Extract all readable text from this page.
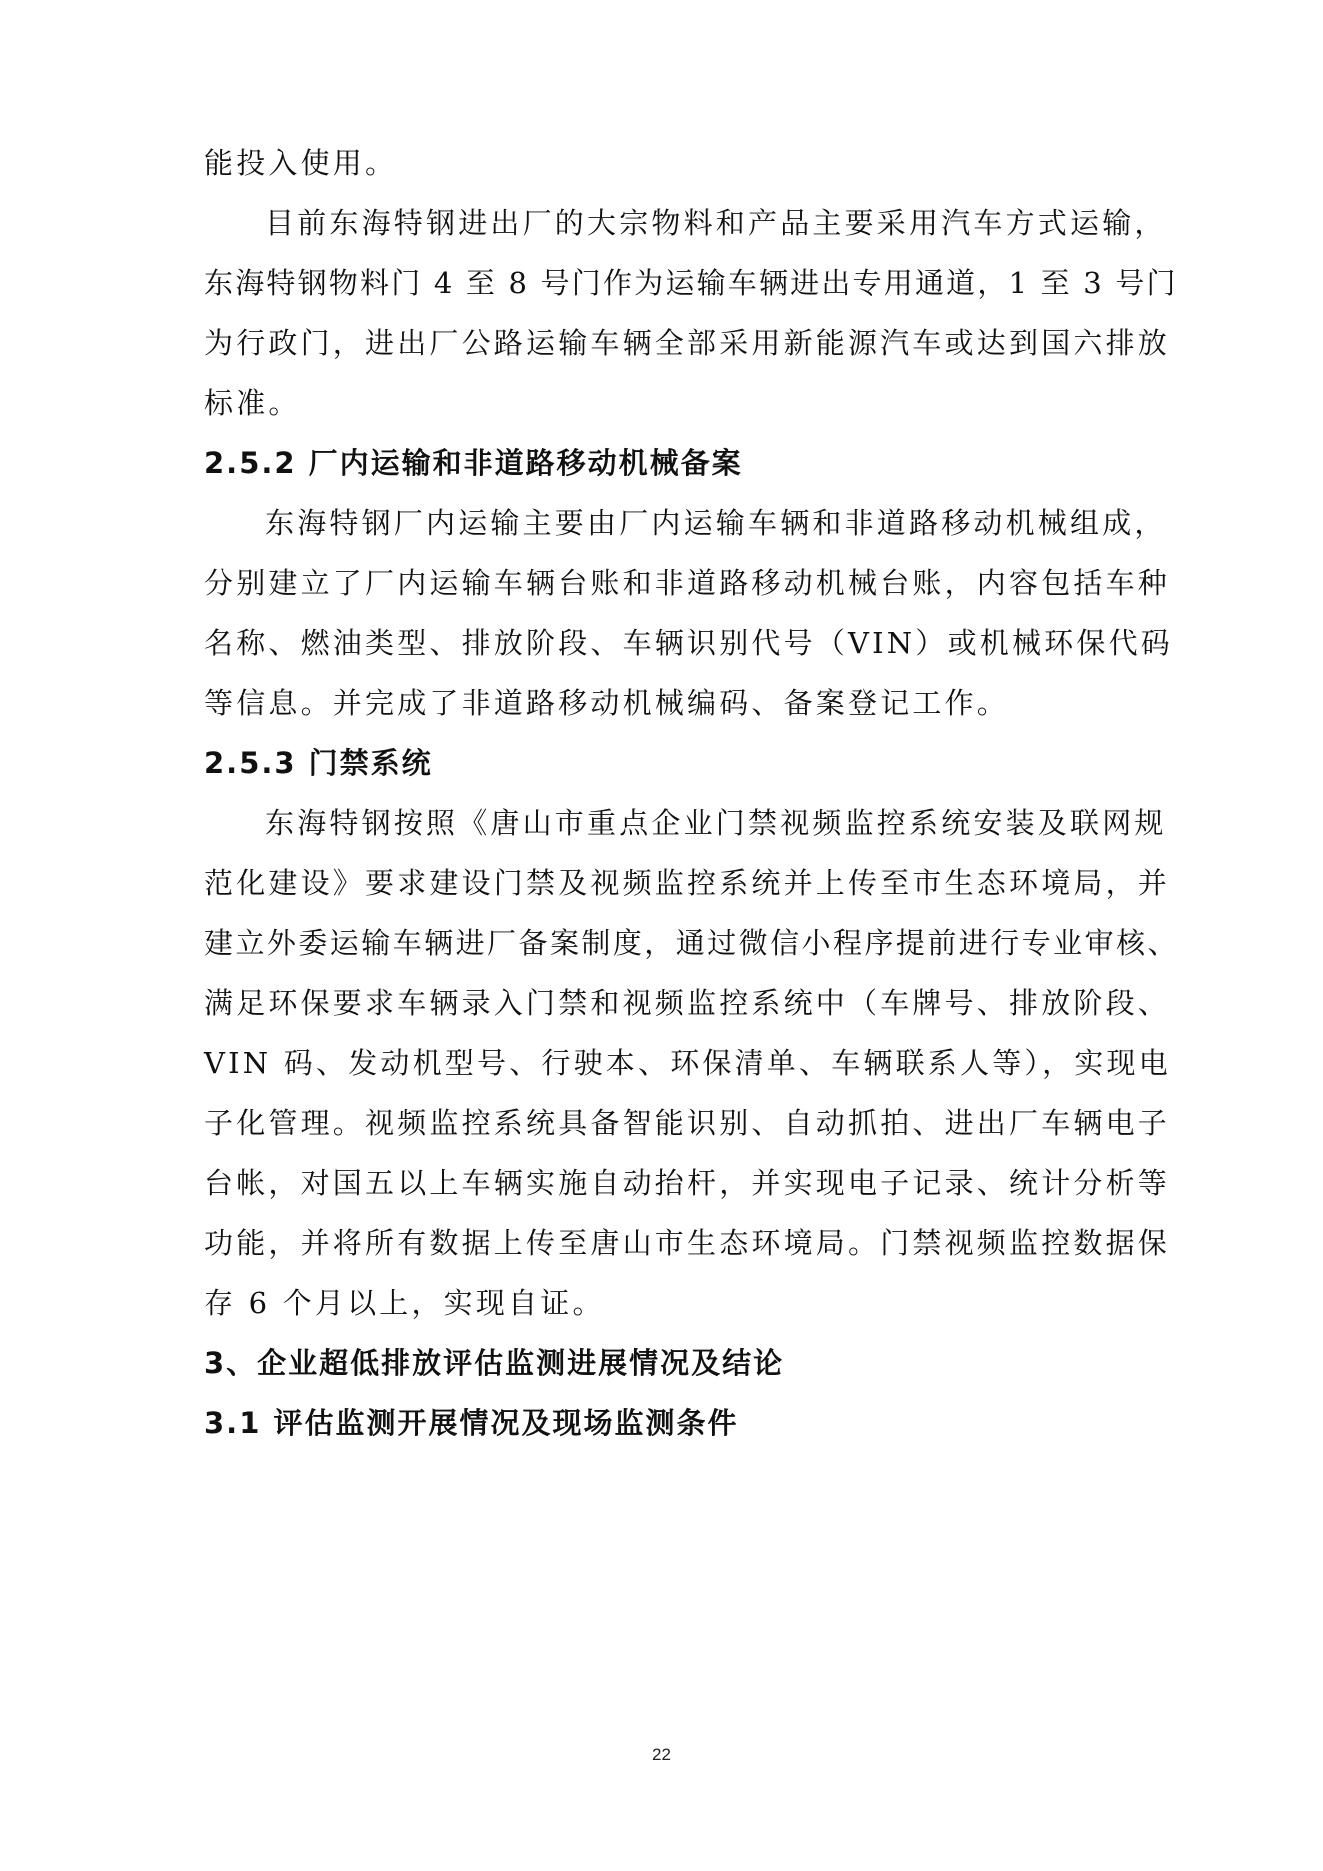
能投入使用。
目前东海特钢进出厂的大宗物料和产品主要采用汽车方式运输，
东海特钢物料门 4 至 8 号门作为运输车辆进出专用通道，1 至 3 号门
为行政门，进出厂公路运输车辆全部采用新能源汽车或达到国六排放
标准。
2.5.2 厂内运输和非道路移动机械备案
东海特钢厂内运输主要由厂内运输车辆和非道路移动机械组成，
分别建立了厂内运输车辆台账和非道路移动机械台账，内容包括车种
名称、燃油类型、排放阶段、车辆识别代号（VIN）或机械环保代码
等信息。并完成了非道路移动机械编码、备案登记工作。
2.5.3 门禁系统
东海特钢按照《唐山市重点企业门禁视频监控系统安装及联网规
范化建设》要求建设门禁及视频监控系统并上传至市生态环境局，并
建立外委运输车辆进厂备案制度，通过微信小程序提前进行专业审核、
满足环保要求车辆录入门禁和视频监控系统中（车牌号、排放阶段、
VIN 码、发动机型号、行驶本、环保清单、车辆联系人等），实现电
子化管理。视频监控系统具备智能识别、自动抓拍、进出厂车辆电子
台帐，对国五以上车辆实施自动抬杆，并实现电子记录、统计分析等
功能，并将所有数据上传至唐山市生态环境局。门禁视频监控数据保
存 6 个月以上，实现自证。
3、企业超低排放评估监测进展情况及结论
3.1 评估监测开展情况及现场监测条件
22
